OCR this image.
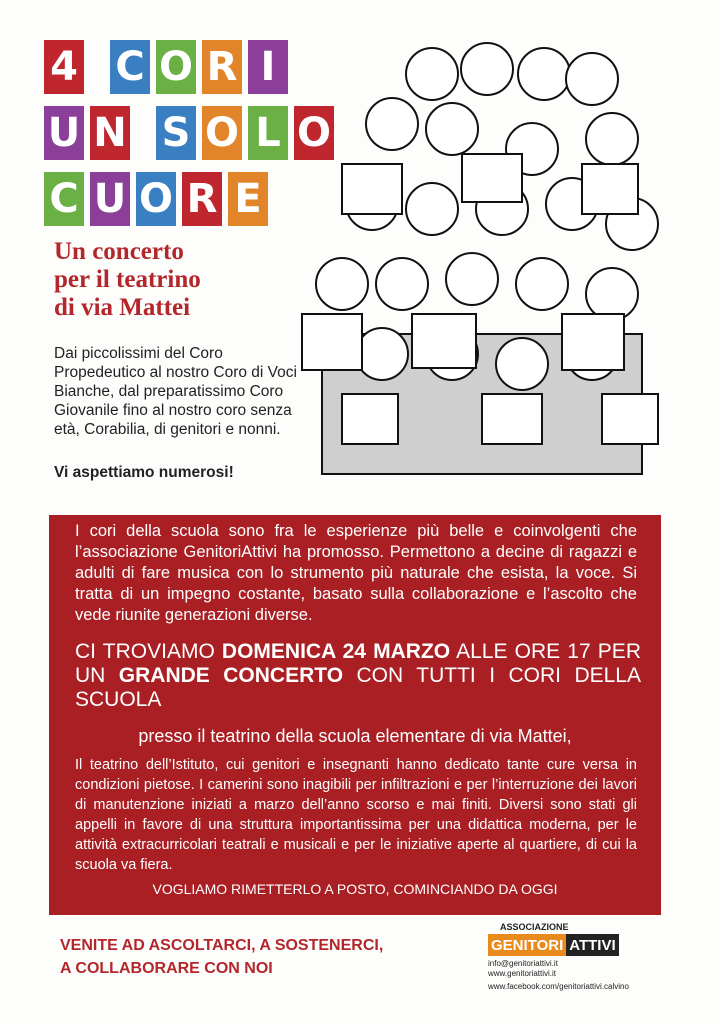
4 C O R I
U N S O L O
C U O R E
Un concerto
per il teatrino
di via Mattei
Dai piccolissimi del Coro Propedeutico al nostro Coro di Voci Bianche, dal preparatissimo Coro Giovanile fino al nostro coro senza età, Corabilia, di genitori e nonni.
Vi aspettiamo numerosi!
I cori della scuola sono fra le esperienze più belle e coinvolgenti che l’associazione GenitoriAttivi ha promosso. Permettono a decine di ragazzi e adulti di fare musica con lo strumento più naturale che esista, la voce. Si tratta di un impegno costante, basato sulla collaborazione e l’ascolto che vede riunite generazioni diverse.
CI TROVIAMO DOMENICA 24 MARZO ALLE ORE 17 PER UN GRANDE CONCERTO CON TUTTI I CORI DELLA SCUOLA
presso il teatrino della scuola elementare di via Mattei,
Il teatrino dell’Istituto, cui genitori e insegnanti hanno dedicato tante cure versa in condizioni pietose. I camerini sono inagibili per infiltrazioni e per l’interruzione dei lavori di manutenzione iniziati a marzo dell’anno scorso e mai finiti. Diversi sono stati gli appelli in favore di una struttura importantissima per una didattica moderna, per le attività extracurricolari teatrali e musicali e per le iniziative aperte al quartiere, di cui la scuola va fiera.
VOGLIAMO RIMETTERLO A POSTO, COMINCIANDO DA OGGI
VENITE AD ASCOLTARCI, A SOSTENERCI,
A COLLABORARE CON NOI
ASSOCIAZIONE
GENITORI ATTIVI
info@genitoriattivi.it www.genitoriattivi.it
www.facebook.com/genitoriattivi.calvino
